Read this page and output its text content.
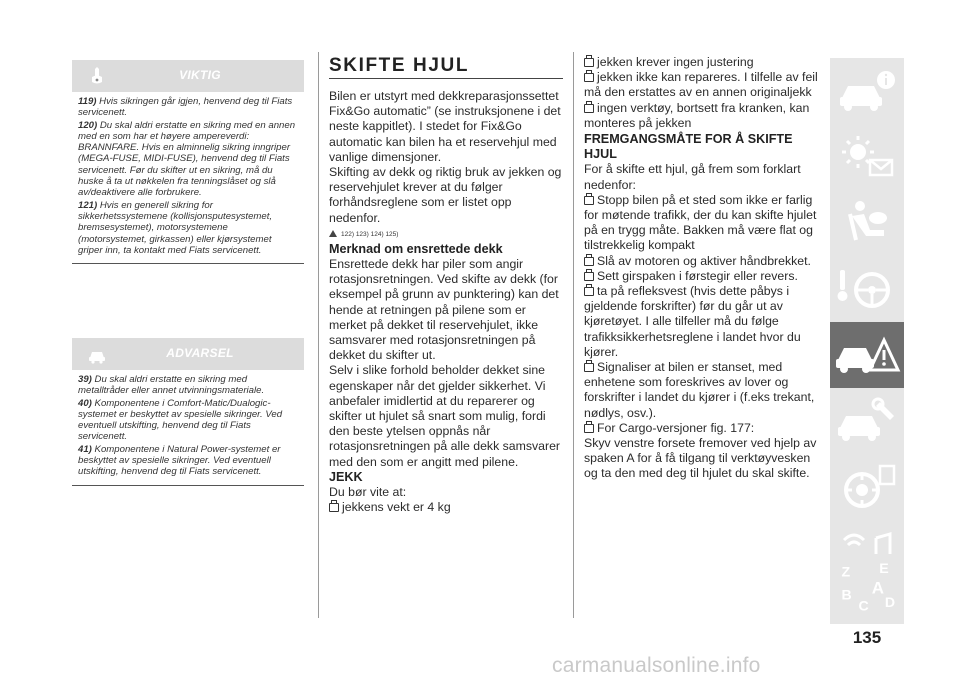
VIKTIG

119) Hvis sikringen går igjen, henvend deg til Fiats servicenett.

120) Du skal aldri erstatte en sikring med en annen med en som har et høyere ampereverdi: BRANNFARE. Hvis en alminnelig sikring inngriper (MEGA-FUSE, MIDI-FUSE), henvend deg til Fiats servicenett. Før du skifter ut en sikring, må du huske å ta ut nøkkelen fra tenningslåset og slå av/deaktivere alle forbrukere.

121) Hvis en generell sikring for sikkerhetssystemene (kollisjonsputesystemet, bremsesystemet), motorsystemene (motorsystemet, girkassen) eller kjørsystemet griper inn, ta kontakt med Fiats servicenett.

ADVARSEL

39) Du skal aldri erstatte en sikring med metalltråder eller annet utvinningsmateriale.

40) Komponentene i Comfort-Matic/Dualogic-systemet er beskyttet av spesielle sikringer. Ved eventuell utskifting, henvend deg til Fiats servicenett.

41) Komponentene i Natural Power-systemet er beskyttet av spesielle sikringer. Ved eventuell utskifting, henvend deg til Fiats servicenett.

SKIFTE HJUL

Bilen er utstyrt med dekkreparasjonssettet Fix&Go automatic” (se instruksjonene i det neste kappitlet). I stedet for Fix&Go automatic kan bilen ha et reservehjul med vanlige dimensjoner.

Skifting av dekk og riktig bruk av jekken og reservehjulet krever at du følger forhåndsreglene som er listet opp nedenfor.

122) 123) 124) 125)

Merknad om ensrettede dekk

Ensrettede dekk har piler som angir rotasjonsretningen. Ved skifte av dekk (for eksempel på grunn av punktering) kan det hende at retningen på pilene som er merket på dekket til reservehjulet, ikke samsvarer med rotasjonsretningen på dekket du skifter ut.

Selv i slike forhold beholder dekket sine egenskaper når det gjelder sikkerhet. Vi anbefaler imidlertid at du reparerer og skifter ut hjulet så snart som mulig, fordi den beste ytelsen oppnås når rotasjonsretningen på alle dekk samsvarer med den som er angitt med pilene.

JEKK

Du bør vite at:

jekkens vekt er 4 kg

jekken krever ingen justering

jekken ikke kan repareres. I tilfelle av feil må den erstattes av en annen originaljekk

ingen verktøy, bortsett fra kranken, kan monteres på jekken

FREMGANGSMÅTE FOR Å SKIFTE HJUL

For å skifte ett hjul, gå frem som forklart nedenfor:

Stopp bilen på et sted som ikke er farlig for møtende trafikk, der du kan skifte hjulet på en trygg måte. Bakken må være flat og tilstrekkelig kompakt

Slå av motoren og aktiver håndbrekket.

Sett girspaken i førstegir eller revers.

ta på refleksvest (hvis dette påbys i gjeldende forskrifter) før du går ut av kjøretøyet. I alle tilfeller må du følge trafikksikkerhetsreglene i landet hvor du kjører.

Signaliser at bilen er stanset, med enhetene som foreskrives av lover og forskrifter i landet du kjører i (f.eks trekant, nødlys, osv.).

For Cargo-versjoner fig. 177:

Skyv venstre forsete fremover ved hjelp av spaken A for å få tilgang til verktøyvesken og ta den med deg til hjulet du skal skifte.

Z E
B A
D
C
135
carmanualsonline.info
